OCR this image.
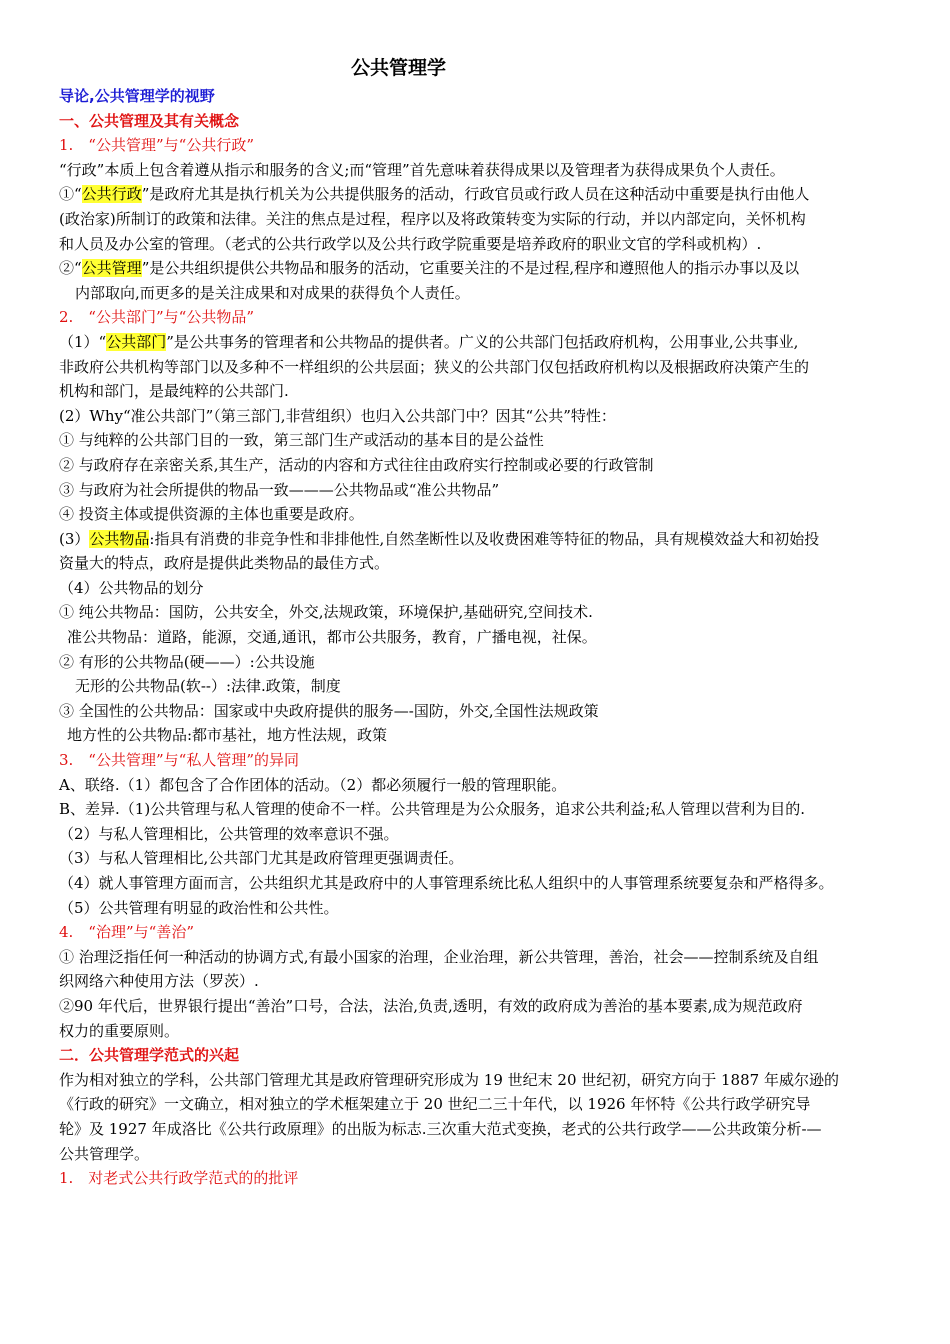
公共管理学
导论,公共管理学的视野
一、公共管理及其有关概念
1.　“公共管理”与“公共行政”
“行政”本质上包含着遵从指示和服务的含义;而“管理”首先意味着获得成果以及管理者为获得成果负个人责任。
①“公共行政”是政府尤其是执行机关为公共提供服务的活动，行政官员或行政人员在这种活动中重要是执行由他人
(政治家)所制订的政策和法律。关注的焦点是过程，程序以及将政策转变为实际的行动，并以内部定向，关怀机构
和人员及办公室的管理。（老式的公共行政学以及公共行政学院重要是培养政府的职业文官的学科或机构）.
②“公共管理”是公共组织提供公共物品和服务的活动，它重要关注的不是过程,程序和遵照他人的指示办事以及以
内部取向,而更多的是关注成果和对成果的获得负个人责任。
2.　“公共部门”与“公共物品”
（1）“公共部门”是公共事务的管理者和公共物品的提供者。广义的公共部门包括政府机构，公用事业,公共事业,
非政府公共机构等部门以及多种不一样组织的公共层面；狭义的公共部门仅包括政府机构以及根据政府决策产生的
机构和部门，是最纯粹的公共部门.
(2）Why“准公共部门”（第三部门,非营组织）也归入公共部门中？因其“公共”特性：
① 与纯粹的公共部门目的一致，第三部门生产或活动的基本目的是公益性
② 与政府存在亲密关系,其生产，活动的内容和方式往往由政府实行控制或必要的行政管制
③ 与政府为社会所提供的物品一致———公共物品或“准公共物品”
④ 投资主体或提供资源的主体也重要是政府。
(3）公共物品:指具有消费的非竞争性和非排他性,自然垄断性以及收费困难等特征的物品，具有规模效益大和初始投
资量大的特点，政府是提供此类物品的最佳方式。
（4）公共物品的划分
① 纯公共物品：国防，公共安全，外交,法规政策，环境保护,基础研究,空间技术.
准公共物品：道路，能源，交通,通讯，都市公共服务，教育，广播电视，社保。
② 有形的公共物品(硬——）:公共设施
无形的公共物品(软--）:法律.政策，制度
③ 全国性的公共物品：国家或中央政府提供的服务—-国防，外交,全国性法规政策
地方性的公共物品:都市基社，地方性法规，政策
3.　“公共管理”与“私人管理”的异同
A、联络.（1）都包含了合作团体的活动。（2）都必须履行一般的管理职能。
B、差异.（1)公共管理与私人管理的使命不一样。公共管理是为公众服务，追求公共利益;私人管理以营利为目的.
（2）与私人管理相比，公共管理的效率意识不强。
（3）与私人管理相比,公共部门尤其是政府管理更强调责任。
（4）就人事管理方面而言，公共组织尤其是政府中的人事管理系统比私人组织中的人事管理系统要复杂和严格得多。
（5）公共管理有明显的政治性和公共性。
4.　“治理”与“善治”
① 治理泛指任何一种活动的协调方式,有最小国家的治理，企业治理，新公共管理，善治，社会——控制系统及自组
织网络六种使用方法（罗茨）.
②90 年代后，世界银行提出“善治”口号，合法，法治,负责,透明，有效的政府成为善治的基本要素,成为规范政府
权力的重要原则。
二．公共管理学范式的兴起
作为相对独立的学科，公共部门管理尤其是政府管理研究形成为 19 世纪末 20 世纪初，研究方向于 1887 年威尔逊的
《行政的研究》一文确立，相对独立的学术框架建立于 20 世纪二三十年代，以 1926 年怀特《公共行政学研究导
轮》及 1927 年成洛比《公共行政原理》的出版为标志.三次重大范式变换，老式的公共行政学——公共政策分析-—
公共管理学。
1.　对老式公共行政学范式的的批评
